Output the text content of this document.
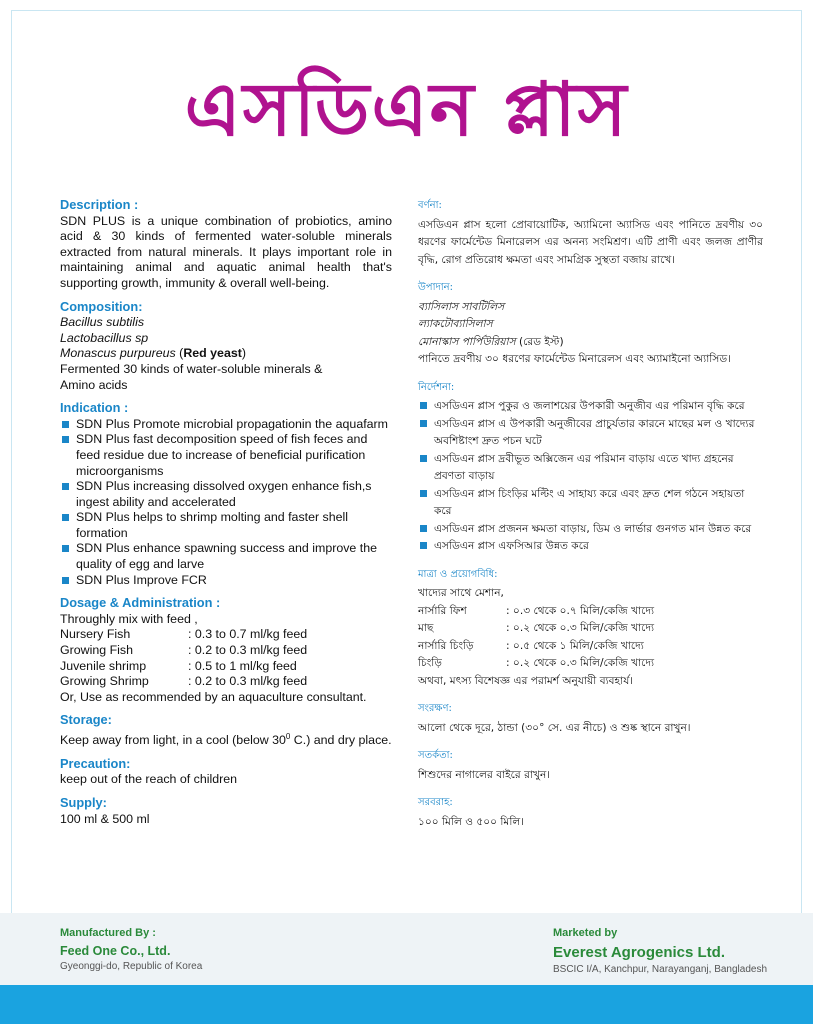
এসডিএন প্লাস
Description :
SDN PLUS is a unique combination of probiotics, amino acid & 30 kinds of fermented water-soluble minerals extracted from natural minerals. It plays important role in maintaining animal and aquatic animal health that's supporting growth, immunity & overall well-being.
Composition:
Bacillus subtilis
Lactobacillus sp
Monascus purpureus (Red yeast)
Fermented 30 kinds of water-soluble minerals &
Amino acids
Indication :
SDN Plus Promote microbial propagationin the aquafarm
SDN Plus fast decomposition speed of fish feces and feed residue due to increase of beneficial purification microorganisms
SDN Plus increasing dissolved oxygen enhance fish,s ingest ability and accelerated
SDN Plus helps to shrimp molting and faster shell formation
SDN Plus enhance spawning success and improve the quality of egg and larve
SDN Plus Improve FCR
Dosage & Administration :
Throughly mix with feed ,
Nursery Fish	: 0.3 to 0.7 ml/kg feed
Growing Fish	: 0.2 to 0.3 ml/kg feed
Juvenile shrimp	: 0.5 to 1 ml/kg feed
Growing Shrimp	: 0.2 to 0.3 ml/kg feed
Or, Use as recommended by an aquaculture consultant.
Storage:
Keep away from light, in a cool (below $30^0$ C.) and dry place.
Precaution:
keep out of the reach of children
Supply:
100 ml & 500 ml
বর্ণনা:
এসডিএন প্লাস হলো প্রোবায়োটিক, অ্যামিনো অ্যাসিড এবং পানিতে দ্রবণীয় ৩০ ধরণের ফার্মেন্টেড মিনারেলস এর অনন্য সংমিশ্রণ। এটি প্রাণী এবং জলজ প্রাণীর বৃদ্ধি, রোগ প্রতিরোধ ক্ষমতা এবং সামগ্রিক সুস্থতা বজায় রাখে।
উপাদান:
ব্যাসিলাস সাবটিলিস
ল্যাকটোব্যাসিলাস
মোনাস্কাস পার্পিউরিয়াস (রেড ইস্ট)
পানিতে দ্রবণীয় ৩০ ধরণের ফার্মেন্টেড মিনারেলস এবং অ্যামাইনো অ্যাসিড।
নির্দেশনা:
এসডিএন প্লাস পুকুর ও জলাশয়ের উপকারী অনুজীব এর পরিমান বৃদ্ধি করে
এসডিএন প্লাস এ উপকারী অনুজীবের প্রাচুর্যতার কারনে মাছের মল ও খাদ্যের অবশিষ্টাংশ দ্রুত পচন ঘটে
এসডিএন প্লাস দ্রবীভূত অক্সিজেন এর পরিমান বাড়ায় এতে খাদ্য গ্রহনের প্রবণতা বাড়ায়
এসডিএন প্লাস চিংড়ির মল্টিং এ সাহায্য করে এবং দ্রুত শেল গঠনে সহায়তা করে
এসডিএন প্লাস প্রজনন ক্ষমতা বাড়ায়, ডিম ও লার্ভার গুনগত মান উন্নত করে
এসডিএন প্লাস এফসিআর উন্নত করে
মাত্রা ও প্রয়োগবিধি:
খাদ্যের সাথে মেশান,
নার্সারি ফিশ	: ০.৩ থেকে ০.৭ মিলি/কেজি খাদ্যে
মাছ	: ০.২ থেকে ০.৩ মিলি/কেজি খাদ্যে
নার্সারি চিংড়ি	: ০.৫ থেকে ১ মিলি/কেজি খাদ্যে
চিংড়ি	: ০.২ থেকে ০.৩ মিলি/কেজি খাদ্যে
অথবা, মৎস্য বিশেষজ্ঞ এর পরামর্শ অনুযায়ী ব্যবহার্য।
সংরক্ষণ:
আলো থেকে দূরে, ঠান্ডা (৩০° সে. এর নীচে) ও শুষ্ক স্থানে রাখুন।
সতর্কতা:
শিশুদের নাগালের বাইরে রাখুন।
সরবরাহ:
১০০ মিলি ও ৫০০ মিলি।
Manufactured By :
Feed One Co., Ltd.
Gyeonggi-do, Republic of Korea
Marketed by
Everest Agrogenics Ltd.
BSCIC I/A, Kanchpur, Narayanganj, Bangladesh
